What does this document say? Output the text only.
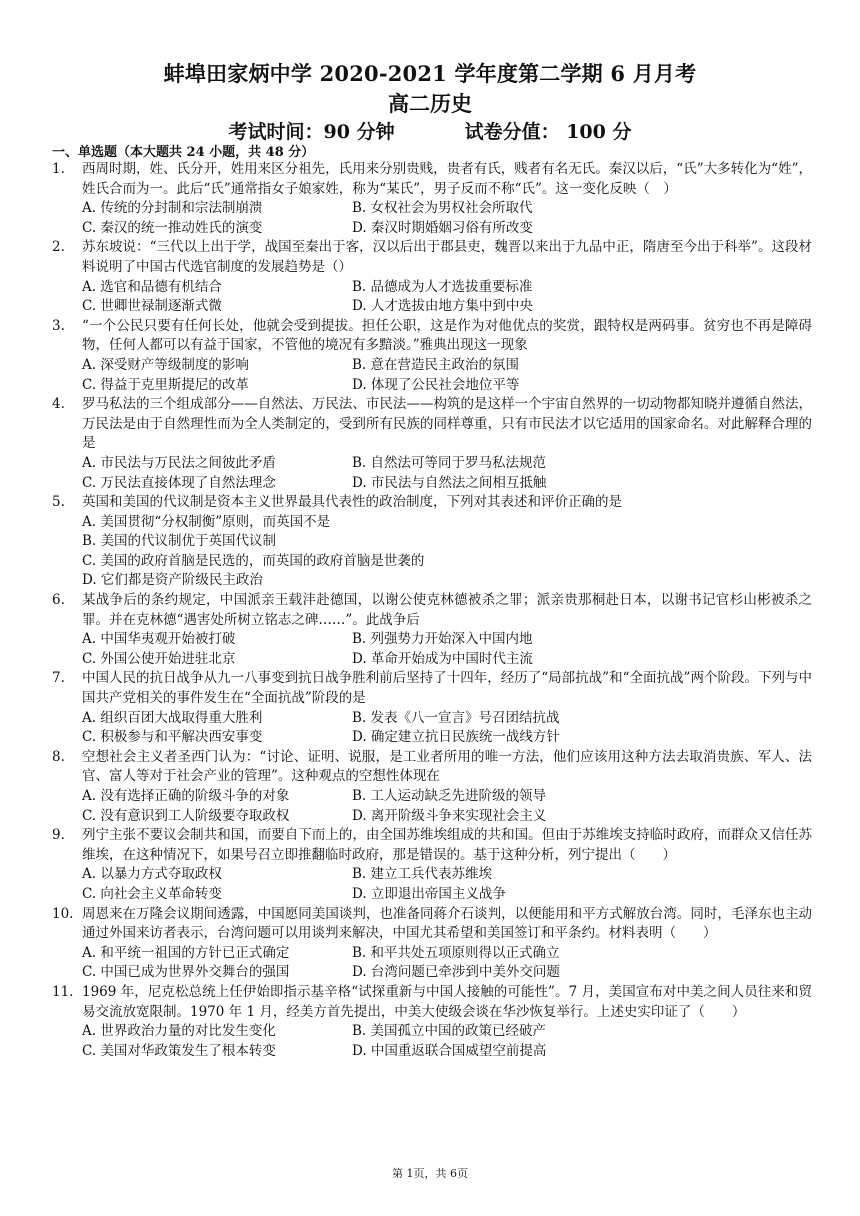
蚌埠田家炳中学 2020-2021 学年度第二学期 6 月月考
高二历史
考试时间：90 分钟	试卷分值： 100 分
一、单选题（本大题共 24 小题，共 48 分）
1.	西周时期，姓、氏分开，姓用来区分祖先，氏用来分别贵贱，贵者有氏，贱者有名无氏。秦汉以后，“氏”大多转化为“姓”，姓氏合而为一。此后“氏”通常指女子娘家姓，称为“某氏”，男子反而不称“氏”。这一变化反映（　）
A. 传统的分封制和宗法制崩溃	B. 女权社会为男权社会所取代
C. 秦汉的统一推动姓氏的演变	D. 秦汉时期婚姻习俗有所改变
2.	苏东坡说：“三代以上出于学，战国至秦出于客，汉以后出于郡县吏，魏晋以来出于九品中正，隋唐至今出于科举”。这段材料说明了中国古代选官制度的发展趋势是（）
A. 选官和品德有机结合	B. 品德成为人才选拔重要标准
C. 世卿世禄制逐渐式微	D. 人才选拔由地方集中到中央
3.	“一个公民只要有任何长处，他就会受到提拔。担任公职，这是作为对他优点的奖赏，跟特权是两码事。贫穷也不再是障碍物，任何人都可以有益于国家，不管他的境况有多黯淡。”雅典出现这一现象
A. 深受财产等级制度的影响	B. 意在营造民主政治的氛围
C. 得益于克里斯提尼的改革	D. 体现了公民社会地位平等
4.	罗马私法的三个组成部分——自然法、万民法、市民法——构筑的是这样一个宇宙自然界的一切动物都知晓并遵循自然法，万民法是由于自然理性而为全人类制定的，受到所有民族的同样尊重，只有市民法才以它适用的国家命名。对此解释合理的是
A. 市民法与万民法之间彼此矛盾	B. 自然法可等同于罗马私法规范
C. 万民法直接体现了自然法理念	D. 市民法与自然法之间相互抵触
5.	英国和美国的代议制是资本主义世界最具代表性的政治制度，下列对其表述和评价正确的是
A. 美国贯彻“分权制衡”原则，而英国不是
B. 美国的代议制优于英国代议制
C. 美国的政府首脑是民选的，而英国的政府首脑是世袭的
D. 它们都是资产阶级民主政治
6.	某战争后的条约规定，中国派亲王载沣赴德国，以谢公使克林德被杀之罪；派亲贵那桐赴日本，以谢书记官杉山彬被杀之罪。并在克林德“遇害处所树立铭志之碑……”。此战争后
A. 中国华夷观开始被打破	B. 列强势力开始深入中国内地
C. 外国公使开始进驻北京	D. 革命开始成为中国时代主流
7.	中国人民的抗日战争从九一八事变到抗日战争胜利前后坚持了十四年，经历了“局部抗战”和“全面抗战”两个阶段。下列与中国共产党相关的事件发生在“全面抗战”阶段的是
A. 组织百团大战取得重大胜利	B. 发表《八一宣言》号召团结抗战
C. 积极参与和平解决西安事变	D. 确定建立抗日民族统一战线方针
8.	空想社会主义者圣西门认为：“讨论、证明、说服，是工业者所用的唯一方法，他们应该用这种方法去取消贵族、军人、法官、富人等对于社会产业的管理”。这种观点的空想性体现在
A. 没有选择正确的阶级斗争的对象	B. 工人运动缺乏先进阶级的领导
C. 没有意识到工人阶级要夺取政权	D. 离开阶级斗争来实现社会主义
9.	列宁主张不要议会制共和国，而要自下而上的，由全国苏维埃组成的共和国。但由于苏维埃支持临时政府，而群众又信任苏维埃，在这种情况下，如果号召立即推翻临时政府，那是错误的。基于这种分析，列宁提出（　　）
A. 以暴力方式夺取政权	B. 建立工兵代表苏维埃
C. 向社会主义革命转变	D. 立即退出帝国主义战争
10. 周恩来在万隆会议期间透露，中国愿同美国谈判，也准备同蒋介石谈判，以便能用和平方式解放台湾。同时，毛泽东也主动通过外国来访者表示，台湾问题可以用谈判来解决，中国尤其希望和美国签订和平条约。材料表明（　　）
A. 和平统一祖国的方针已正式确定	B. 和平共处五项原则得以正式确立
C. 中国已成为世界外交舞台的强国	D. 台湾问题已牵涉到中美外交问题
11. 1969 年，尼克松总统上任伊始即指示基辛格“试探重新与中国人接触的可能性”。7 月，美国宣布对中美之间人员往来和贸易交流放宽限制。1970 年 1 月，经美方首先提出，中美大使级会谈在华沙恢复举行。上述史实印证了（　　）
A. 世界政治力量的对比发生变化	B. 美国孤立中国的政策已经破产
C. 美国对华政策发生了根本转变	D. 中国重返联合国威望空前提高
第 1页，共 6页
